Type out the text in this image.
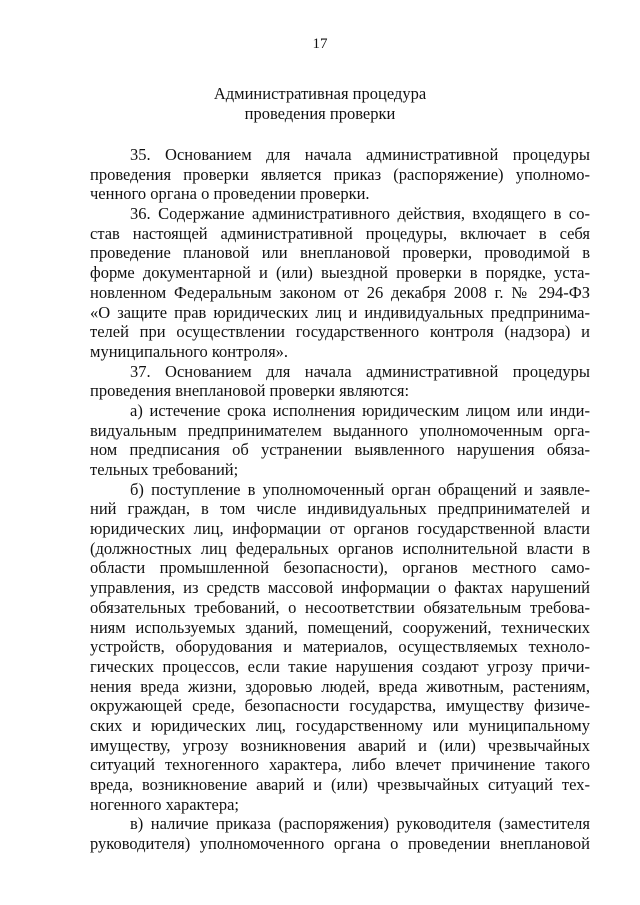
17
Административная процедура
проведения проверки
35. Основанием для начала административной процедуры
проведения проверки является приказ (распоряжение) уполномо-
ченного органа о проведении проверки.
36. Содержание административного действия, входящего в со-
став настоящей административной процедуры, включает в себя
проведение плановой или внеплановой проверки, проводимой в
форме документарной и (или) выездной проверки в порядке, уста-
новленном Федеральным законом от 26 декабря 2008 г. № 294-ФЗ
«О защите прав юридических лиц и индивидуальных предпринима-
телей при осуществлении государственного контроля (надзора) и
муниципального контроля».
37. Основанием для начала административной процедуры
проведения внеплановой проверки являются:
а) истечение срока исполнения юридическим лицом или инди-
видуальным предпринимателем выданного уполномоченным орга-
ном предписания об устранении выявленного нарушения обяза-
тельных требований;
б) поступление в уполномоченный орган обращений и заявле-
ний граждан, в том числе индивидуальных предпринимателей и
юридических лиц, информации от органов государственной власти
(должностных лиц федеральных органов исполнительной власти в
области промышленной безопасности), органов местного само-
управления, из средств массовой информации о фактах нарушений
обязательных требований, о несоответствии обязательным требова-
ниям используемых зданий, помещений, сооружений, технических
устройств, оборудования и материалов, осуществляемых техноло-
гических процессов, если такие нарушения создают угрозу причи-
нения вреда жизни, здоровью людей, вреда животным, растениям,
окружающей среде, безопасности государства, имуществу физиче-
ских и юридических лиц, государственному или муниципальному
имуществу, угрозу возникновения аварий и (или) чрезвычайных
ситуаций техногенного характера, либо влечет причинение такого
вреда, возникновение аварий и (или) чрезвычайных ситуаций тех-
ногенного характера;
в) наличие приказа (распоряжения) руководителя (заместителя
руководителя) уполномоченного органа о проведении внеплановой
